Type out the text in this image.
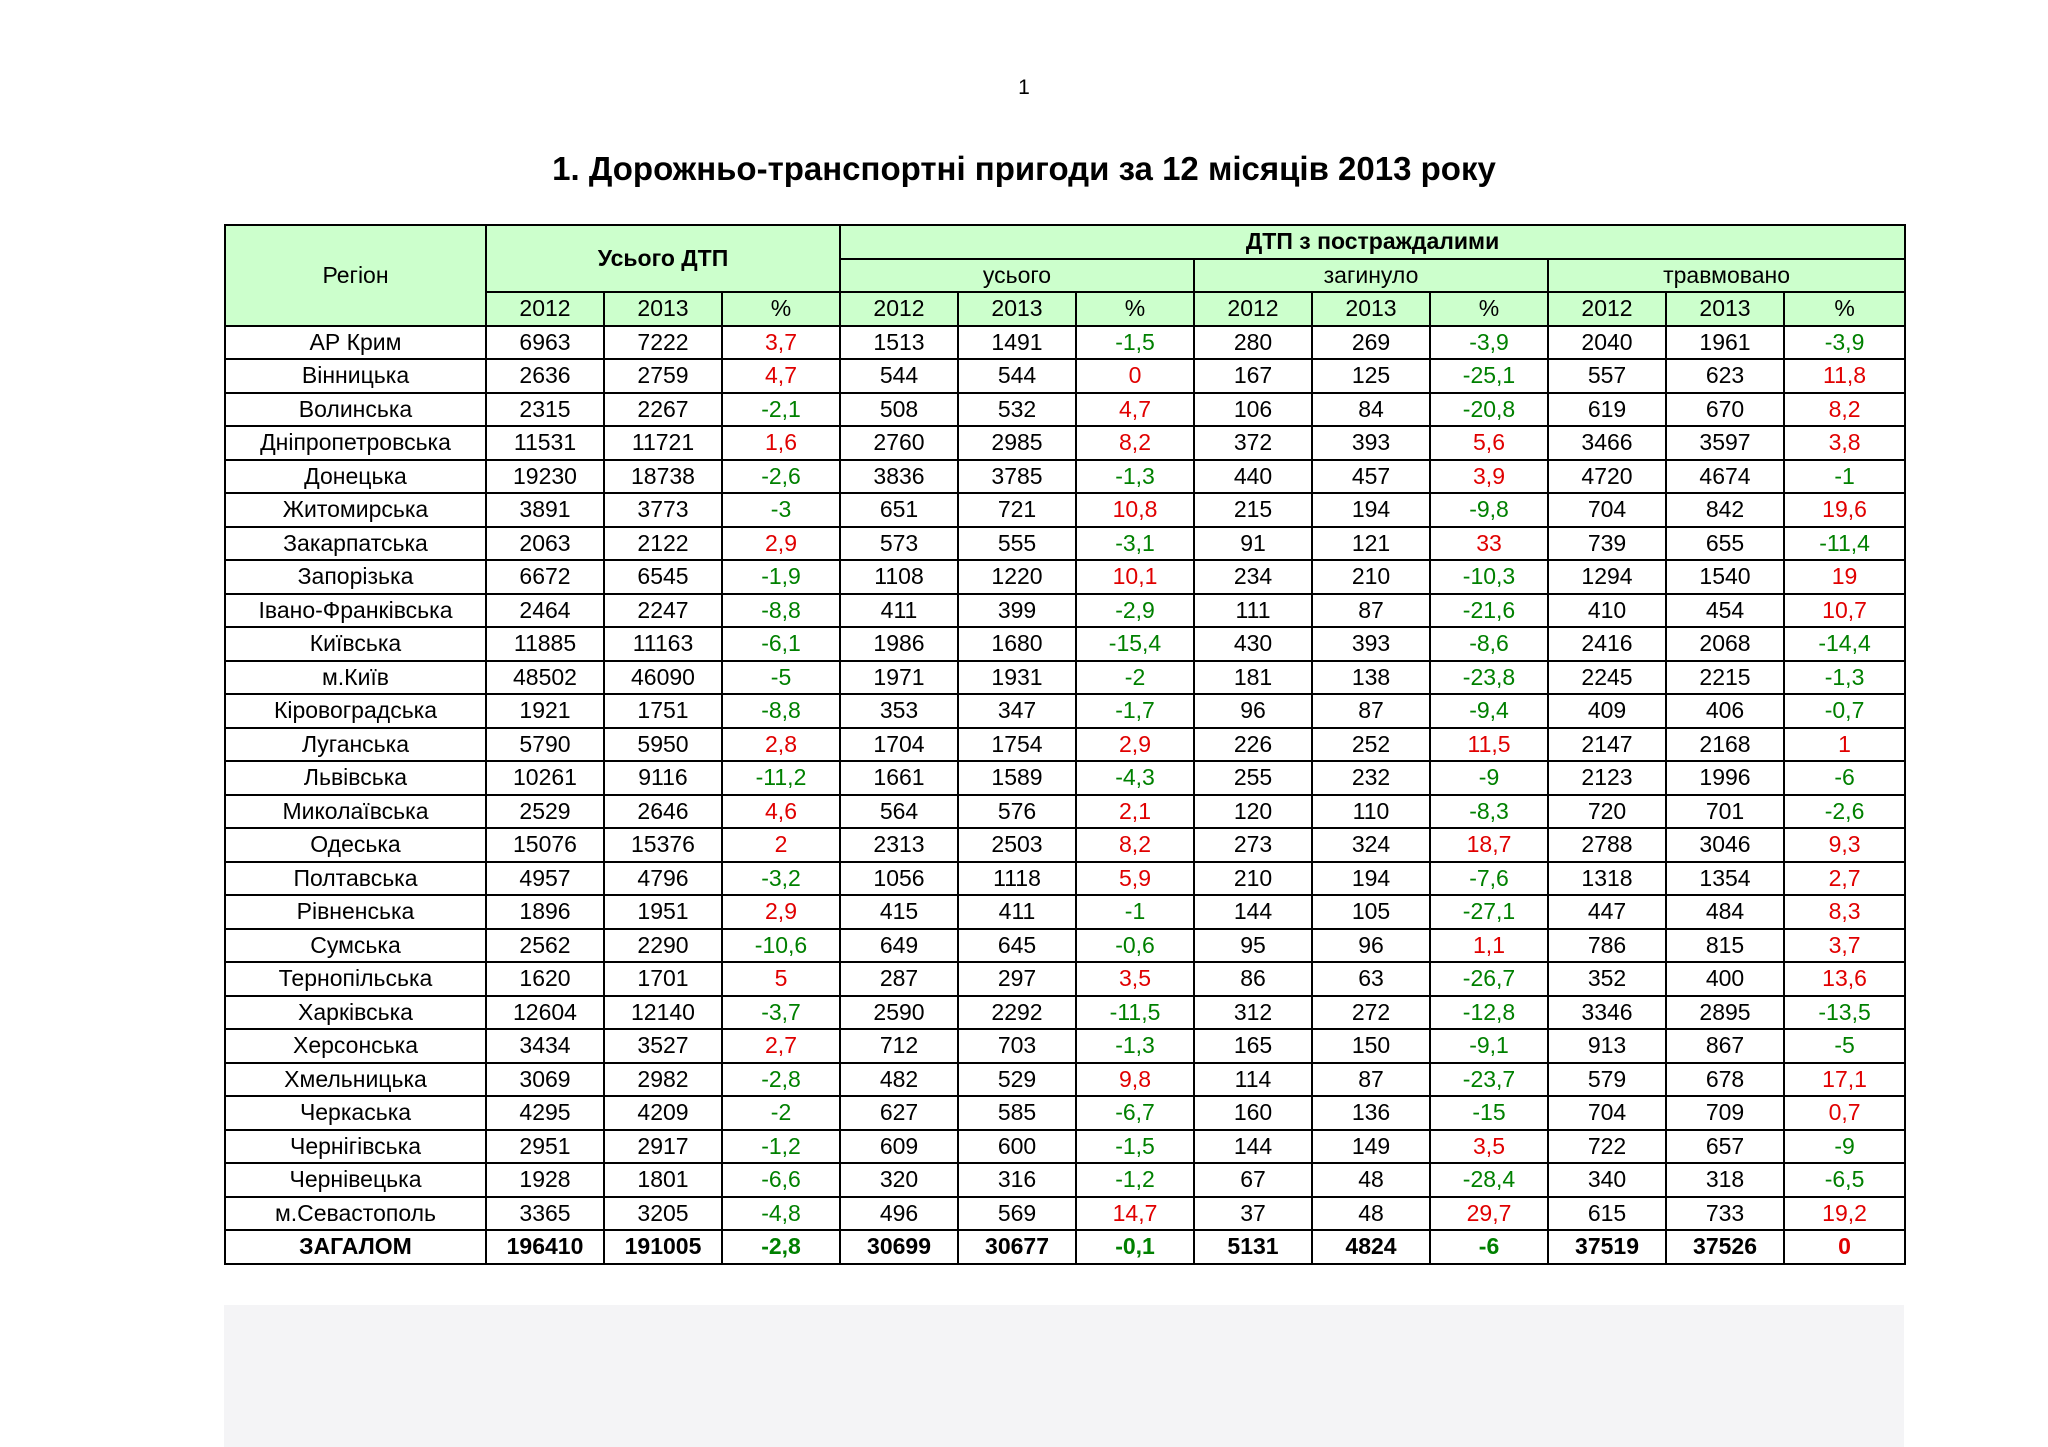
1
1. Дорожньо-транспортні пригоди за 12 місяців 2013 року
Регіон	Усього ДТП			ДТП з постраждалими								
				усього			загинуло			травмовано		
	2012	2013	%	2012	2013	%	2012	2013	%	2012	2013	%
АР Крим	6963	7222	3,7	1513	1491	-1,5	280	269	-3,9	2040	1961	-3,9
Вінницька	2636	2759	4,7	544	544	0	167	125	-25,1	557	623	11,8
Волинська	2315	2267	-2,1	508	532	4,7	106	84	-20,8	619	670	8,2
Дніпропетровська	11531	11721	1,6	2760	2985	8,2	372	393	5,6	3466	3597	3,8
Донецька	19230	18738	-2,6	3836	3785	-1,3	440	457	3,9	4720	4674	-1
Житомирська	3891	3773	-3	651	721	10,8	215	194	-9,8	704	842	19,6
Закарпатська	2063	2122	2,9	573	555	-3,1	91	121	33	739	655	-11,4
Запорізька	6672	6545	-1,9	1108	1220	10,1	234	210	-10,3	1294	1540	19
Івано-Франківська	2464	2247	-8,8	411	399	-2,9	111	87	-21,6	410	454	10,7
Київська	11885	11163	-6,1	1986	1680	-15,4	430	393	-8,6	2416	2068	-14,4
м.Київ	48502	46090	-5	1971	1931	-2	181	138	-23,8	2245	2215	-1,3
Кіровоградська	1921	1751	-8,8	353	347	-1,7	96	87	-9,4	409	406	-0,7
Луганська	5790	5950	2,8	1704	1754	2,9	226	252	11,5	2147	2168	1
Львівська	10261	9116	-11,2	1661	1589	-4,3	255	232	-9	2123	1996	-6
Миколаївська	2529	2646	4,6	564	576	2,1	120	110	-8,3	720	701	-2,6
Одеська	15076	15376	2	2313	2503	8,2	273	324	18,7	2788	3046	9,3
Полтавська	4957	4796	-3,2	1056	1118	5,9	210	194	-7,6	1318	1354	2,7
Рівненська	1896	1951	2,9	415	411	-1	144	105	-27,1	447	484	8,3
Сумська	2562	2290	-10,6	649	645	-0,6	95	96	1,1	786	815	3,7
Тернопільська	1620	1701	5	287	297	3,5	86	63	-26,7	352	400	13,6
Харківська	12604	12140	-3,7	2590	2292	-11,5	312	272	-12,8	3346	2895	-13,5
Херсонська	3434	3527	2,7	712	703	-1,3	165	150	-9,1	913	867	-5
Хмельницька	3069	2982	-2,8	482	529	9,8	114	87	-23,7	579	678	17,1
Черкаська	4295	4209	-2	627	585	-6,7	160	136	-15	704	709	0,7
Чернігівська	2951	2917	-1,2	609	600	-1,5	144	149	3,5	722	657	-9
Чернівецька	1928	1801	-6,6	320	316	-1,2	67	48	-28,4	340	318	-6,5
м.Севастополь	3365	3205	-4,8	496	569	14,7	37	48	29,7	615	733	19,2
ЗАГАЛОМ	196410	191005	-2,8	30699	30677	-0,1	5131	4824	-6	37519	37526	0
